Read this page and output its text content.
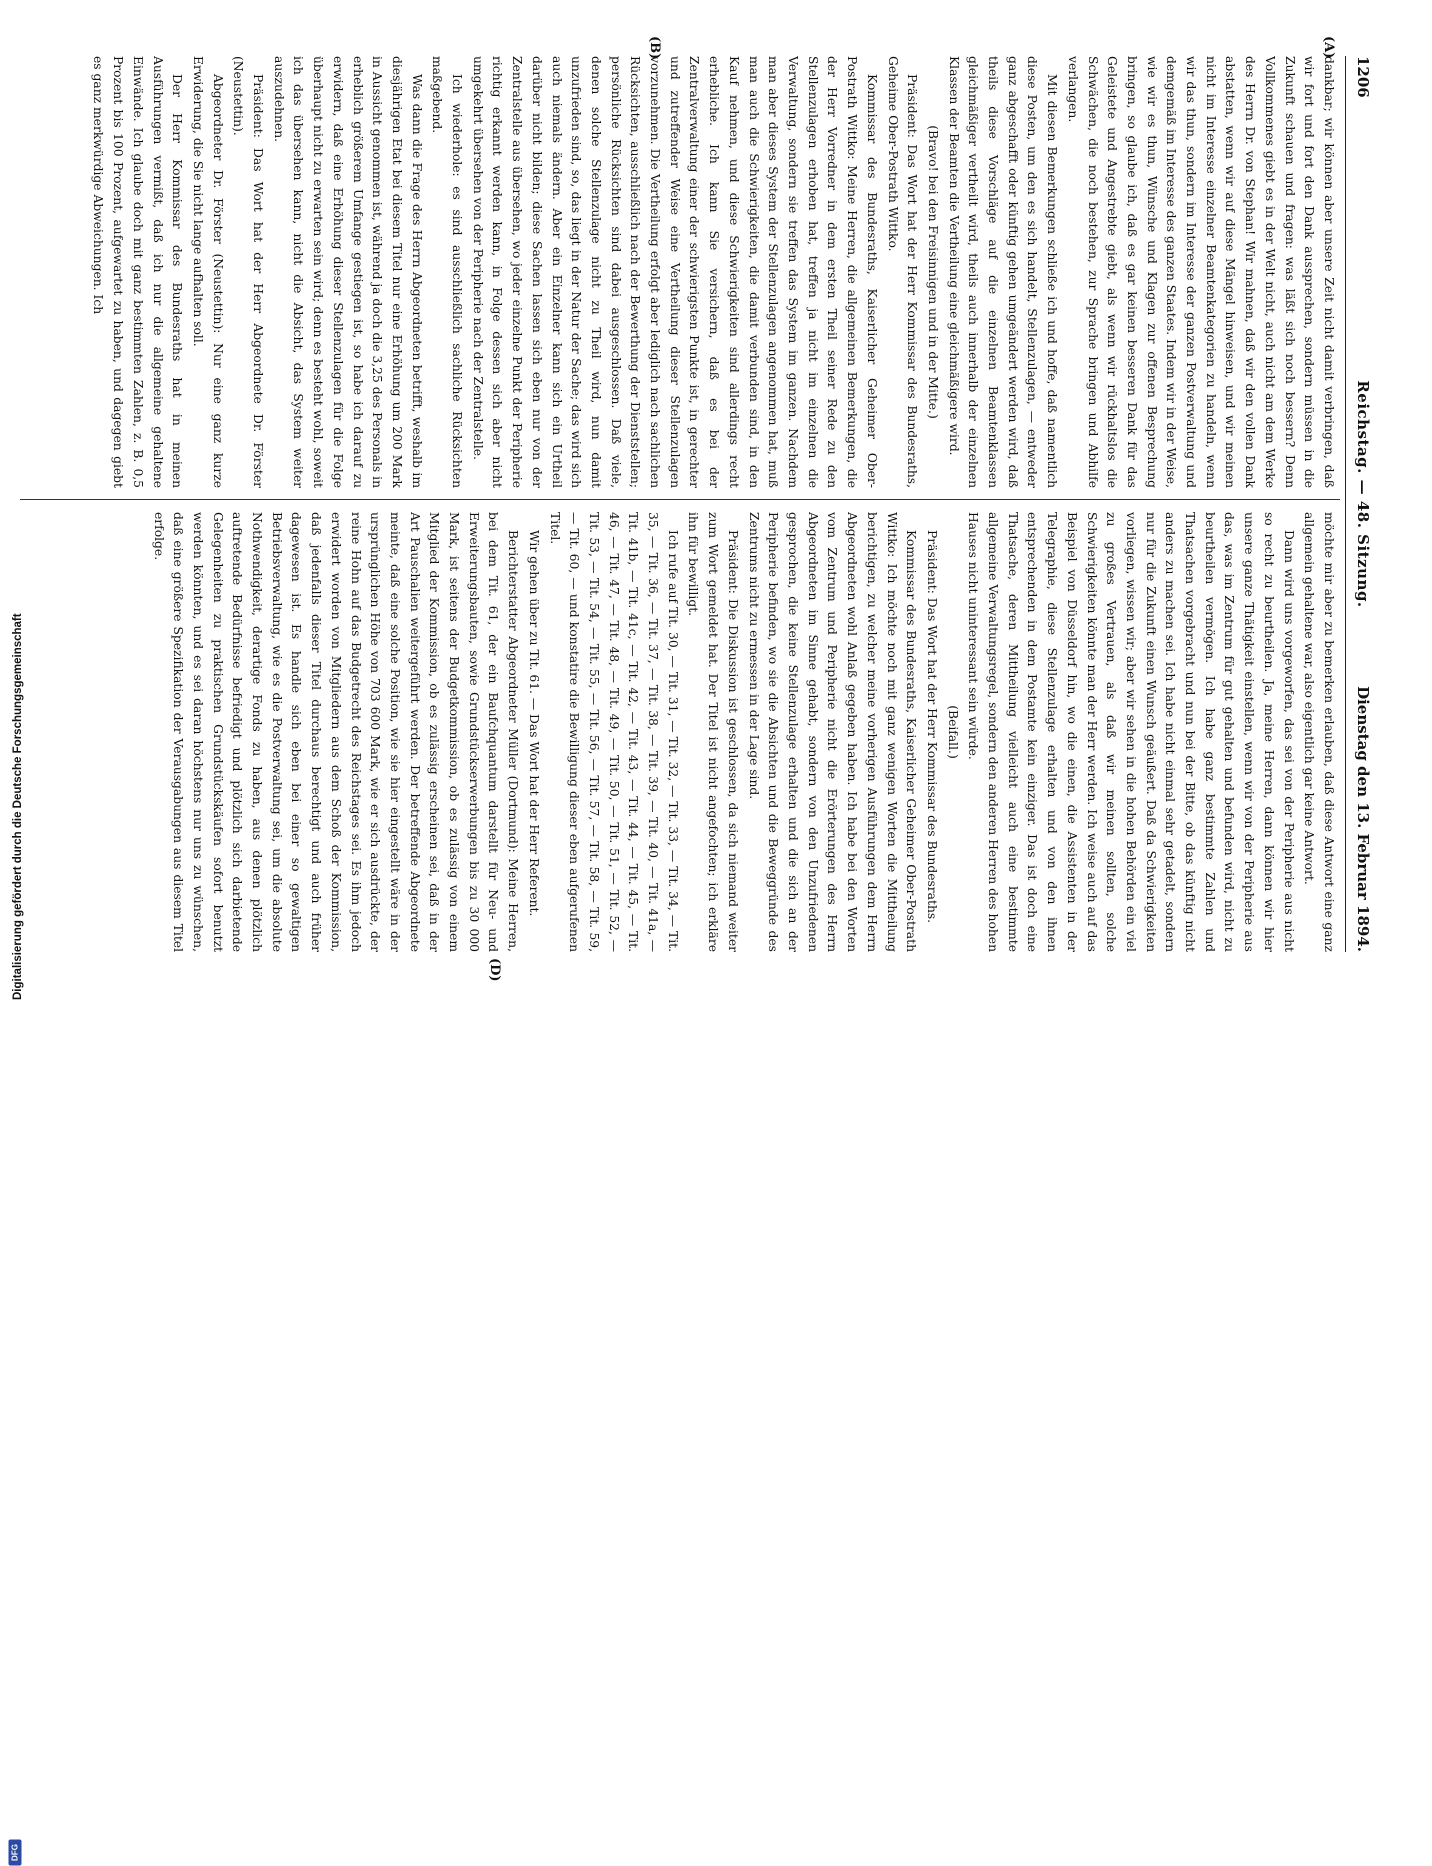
1206
Reichstag. — 48. Sitzung.
Dienstag den 13. Februar 1894.
(A)
(B)
(D)

dankbar; wir können aber unsere Zeit nicht damit verbringen, daß wir fort und fort den Dank aussprechen, sondern müssen in die Zukunft schauen und fragen: was läßt sich noch bessern? Denn Vollkommenes giebt es in der Welt nicht, auch nicht am dem Werke des Herrn Dr. von Stephan! Wir mahnen, daß wir den vollen Dank abstatten, wenn wir auf diese Mängel hinweisen, und wir meinen nicht im Interesse einzelner Beamtenkategorien zu handeln, wenn wir das thun, sondern im Interesse der ganzen Postverwaltung und demgemäß im Interesse des ganzen Staates. Indem wir in der Weise, wie wir es thun, Wünsche und Klagen zur offenen Besprechung bringen, so glaube ich, daß es gar keinen besseren Dank für das Geleistete und Angestrebte giebt, als wenn wir rückhaltslos die Schwächen, die noch bestehen, zur Sprache bringen und Abhilfe verlangen.

Mit diesen Bemerkungen schließe ich und hoffe, daß namentlich diese Posten, um den es sich handelt, Stellenzulagen, — entweder ganz abgeschafft oder künftig gehen umgeändert werden wird, daß theils diese Vorschläge auf die einzelnen Beamtenklassen gleichmäßiger vertheilt wird, theils auch innerhalb der einzelnen Klassen der Beamten die Vertheilung eine gleichmäßigere wird.

(Bravo! bei den Freisinnigen und in der Mitte.)

Präsident: Das Wort hat der Herr Kommissar des Bundesraths, Geheime Ober-Postrath Wittko.

Kommissar des Bundesraths, Kaiserlicher Geheimer Ober-Postrath Wittko: Meine Herren, die allgemeinen Bemerkungen, die der Herr Vorredner in dem ersten Theil seiner Rede zu den Stellenzulagen erhoben hat, treffen ja nicht im einzelnen die Verwaltung, sondern sie treffen das System im ganzen. Nachdem man aber dieses System der Stellenzulagen angenommen hat, muß man auch die Schwierigkeiten, die damit verbunden sind, in den Kauf nehmen, und diese Schwierigkeiten sind allerdings recht erhebliche. Ich kann Sie versichern, daß es bei der Zentralverwaltung einer der schwierigsten Punkte ist, in gerechter und zutreffender Weise eine Vertheilung dieser Stellenzulagen vorzunehmen. Die Vertheilung erfolgt aber lediglich nach sachlichen Rücksichten, ausschließlich nach der Bewerthung der Dienststellen; persönliche Rücksichten sind dabei ausgeschlossen. Daß viele, denen solche Stellenzulage nicht zu Theil wird, nun damit unzufrieden sind, so, das liegt in der Natur der Sache; das wird sich auch niemals ändern. Aber ein Einzelner kann sich ein Urtheil darüber nicht bilden; diese Sachen lassen sich eben nur von der Zentralstelle aus übersehen, wo jeder einzelne Punkt der Peripherie richtig erkannt werden kann, in Folge dessen sich aber nicht umgekehrt übersehen von der Peripherie nach der Zentralstelle.

Ich wiederhole: es sind ausschließlich sachliche Rücksichten maßgebend.

Was dann die Frage des Herrn Abgeordneten betrifft, weshalb im diesjährigen Etat bei diesem Titel nur eine Erhöhung um 200 Mark in Aussicht genommen ist, während ja doch die 3,25 des Personals in erheblich größerem Umfange gestiegen ist, so habe ich darauf zu erwidern, daß eine Erhöhung dieser Stellenzulagen für die Folge überhaupt nicht zu erwarten sein wird; denn es besteht wohl, soweit ich das übersehen kann, nicht die Absicht, das System weiter auszudehnen.

Präsident: Das Wort hat der Herr Abgeordnete Dr. Förster (Neustettin).

Abgeordneter Dr. Förster (Neustettin): Nur eine ganz kurze Erwiderung, die Sie nicht lange aufhalten soll.

Der Herr Kommissar des Bundesraths hat in meinen Ausführungen vermißt, daß ich nur die allgemeine gehaltene Einwände. Ich glaube doch mit ganz bestimmten Zahlen, z. B. 0,5 Prozent bis 100 Prozent, aufgewartet zu haben, und dagegen giebt es ganz merkwürdige Abweichungen. Ich

möchte mir aber zu bemerken erlauben, daß diese Antwort eine ganz allgemein gehaltene war, also eigentlich gar keine Antwort.

Dann wird uns vorgeworfen, das sei von der Peripherie aus nicht so recht zu beurtheilen. Ja, meine Herren, dann können wir hier unsere ganze Thätigkeit einstellen, wenn wir von der Peripherie aus das, was im Zentrum für gut gehalten und befunden wird, nicht zu beurtheilen vermögen. Ich habe ganz bestimmte Zahlen und Thatsachen vorgebracht und nun bei der Bitte, ob das künftig nicht anders zu machen sei. Ich habe nicht einmal sehr getadelt, sondern nur für die Zukunft einen Wunsch geäußert. Daß da Schwierigkeiten vorliegen, wissen wir; aber wir sehen in die hohen Behörden ein viel zu großes Vertrauen, als daß wir meinen sollten, solche Schwierigkeiten könnte man der Herr werden. Ich weise auch auf das Beispiel von Düsseldorf hin, wo die einen, die Assistenten in der Telegraphie, diese Stellenzulage erhalten und von den ihnen entsprechenden in dem Postamte kein einziger. Das ist doch eine Thatsache, deren Mittheilung vielleicht auch eine bestimmte allgemeine Verwaltungsregel, sondern den anderen Herren des hohen Hauses nicht uninteressant sein würde.

(Beifall.)

Präsident: Das Wort hat der Herr Kommissar des Bundesraths.

Kommissar des Bundesraths, Kaiserlicher Geheimer Ober-Postrath Wittko: Ich möchte noch mit ganz wenigen Worten die Mittheilung berichtigen, zu welcher meine vorherigen Ausführungen dem Herrn Abgeordneten wohl Anlaß gegeben haben. Ich habe bei den Worten vom Zentrum und Peripherie nicht die Erörterungen des Herrn Abgeordneten im Sinne gehabt, sondern von den Unzufriedenen gesprochen, die keine Stellenzulage erhalten und die sich an der Peripherie befinden, wo sie die Absichten und die Beweggründe des Zentrums nicht zu ermessen in der Lage sind.

Präsident: Die Diskussion ist geschlossen, da sich niemand weiter zum Wort gemeldet hat. Der Titel ist nicht angefochten; ich erkläre ihn für bewilligt.

Ich rufe auf Tit. 30, — Tit. 31, — Tit. 32, — Tit. 33, — Tit. 34, — Tit. 35, — Tit. 36, — Tit. 37, — Tit. 38, — Tit. 39, — Tit. 40, — Tit. 41a, — Tit. 41b, — Tit. 41c, — Tit. 42, — Tit. 43, — Tit. 44, — Tit. 45, — Tit. 46, — Tit. 47, — Tit. 48, — Tit. 49, — Tit. 50, — Tit. 51, — Tit. 52, — Tit. 53, — Tit. 54, — Tit. 55, — Tit. 56, — Tit. 57, — Tit. 58, — Tit. 59, — Tit. 60, — und konstatire die Bewilligung dieser eben aufgerufenen Titel.

Wir gehen über zu Tit. 61. — Das Wort hat der Herr Referent.

Berichterstatter Abgeordneter Müller (Dortmund): Meine Herren, bei dem Tit. 61, der ein Baufchquantum darstellt für Neu- und Erweiterungsbauten, sowie Grundstückserwerbungen bis zu 30 000 Mark, ist seitens der Budgetkommission, ob es zulässig von einem Mitglied der Kommission, ob es zulässig erscheinen sei, daß in der Art Pauschalien weitergeführt werden. Der betreffende Abgeordnete meinte, daß eine solche Position, wie sie hier eingestellt wäre in der ursprünglichen Höhe von 703 600 Mark, wie er sich ausdrückte, der reine Hohn auf das Budgetrecht des Reichstages sei. Es ihm jedoch erwidert worden von Mitgliedern aus dem Schoß der Kommission, daß jedenfalls dieser Titel durchaus berechtigt und auch früher dagewesen ist. Es handle sich eben bei einer so gewaltigen Betriebsverwaltung, wie es die Postverwaltung sei, um die absolute Nothwendigkeit, derartige Fonds zu haben, aus denen plötzlich auftretende Bedürfnisse befriedigt und plötzlich sich darbietende Gelegenheiten zu praktischen Grundstückskäufen sofort benutzt werden könnten, und es sei daran höchstens nur uns zu wünschen, daß eine größere Spezifikation der Verausgabungen aus diesem Titel erfolge.

DFG
Digitalisierung gefördert durch die Deutsche Forschungsgemeinschaft
